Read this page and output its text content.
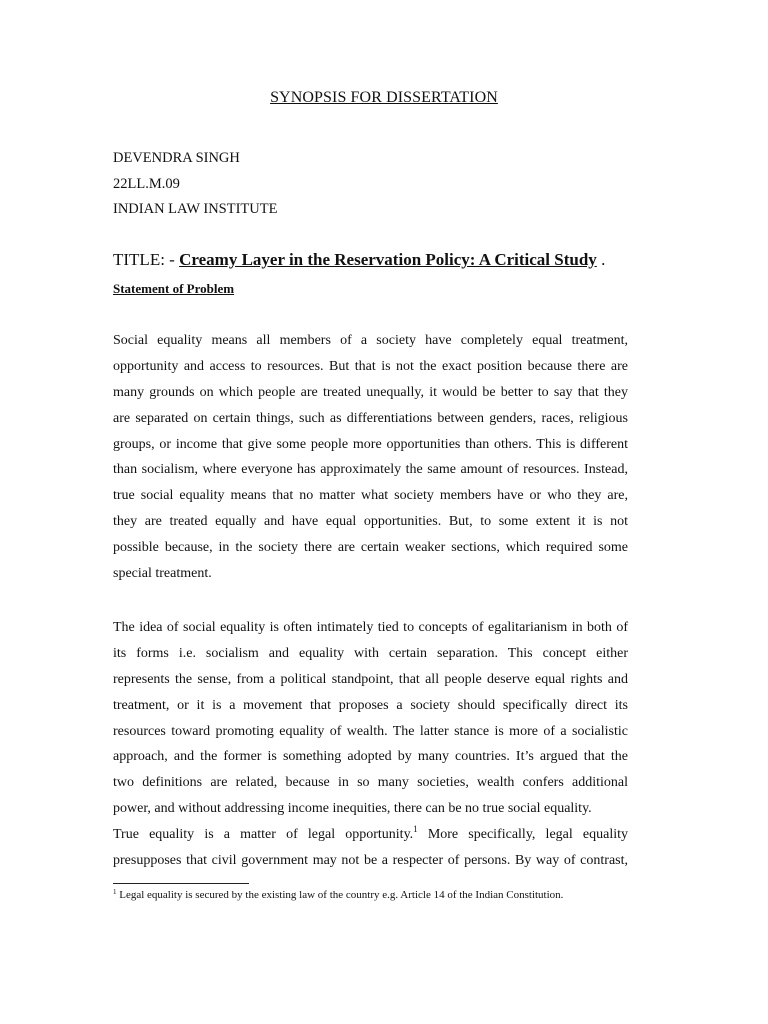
SYNOPSIS FOR DISSERTATION
DEVENDRA SINGH
22LL.M.09
INDIAN LAW INSTITUTE
TITLE: - Creamy Layer in the Reservation Policy: A Critical Study .
Statement of Problem
Social equality means all members of a society have completely equal treatment,
opportunity and access to resources. But that is not the exact position because there are
many grounds on which people are treated unequally, it would be better to say that they
are separated on certain things, such as differentiations between genders, races, religious
groups, or income that give some people more opportunities than others. This is different
than socialism, where everyone has approximately the same amount of resources. Instead,
true social equality means that no matter what society members have or who they are,
they are treated equally and have equal opportunities. But, to some extent it is not
possible because, in the society there are certain weaker sections, which required some
special treatment.
The idea of social equality is often intimately tied to concepts of egalitarianism in both of
its forms i.e. socialism and equality with certain separation. This concept either
represents the sense, from a political standpoint, that all people deserve equal rights and
treatment, or it is a movement that proposes a society should specifically direct its
resources toward promoting equality of wealth. The latter stance is more of a socialistic
approach, and the former is something adopted by many countries. It’s argued that the
two definitions are related, because in so many societies, wealth confers additional
power, and without addressing income inequities, there can be no true social equality.
True equality is a matter of legal opportunity.$^1$ More specifically, legal equality
presupposes that civil government may not be a respecter of persons. By way of contrast,
$^1$ Legal equality is secured by the existing law of the country e.g. Article 14 of the Indian Constitution.
